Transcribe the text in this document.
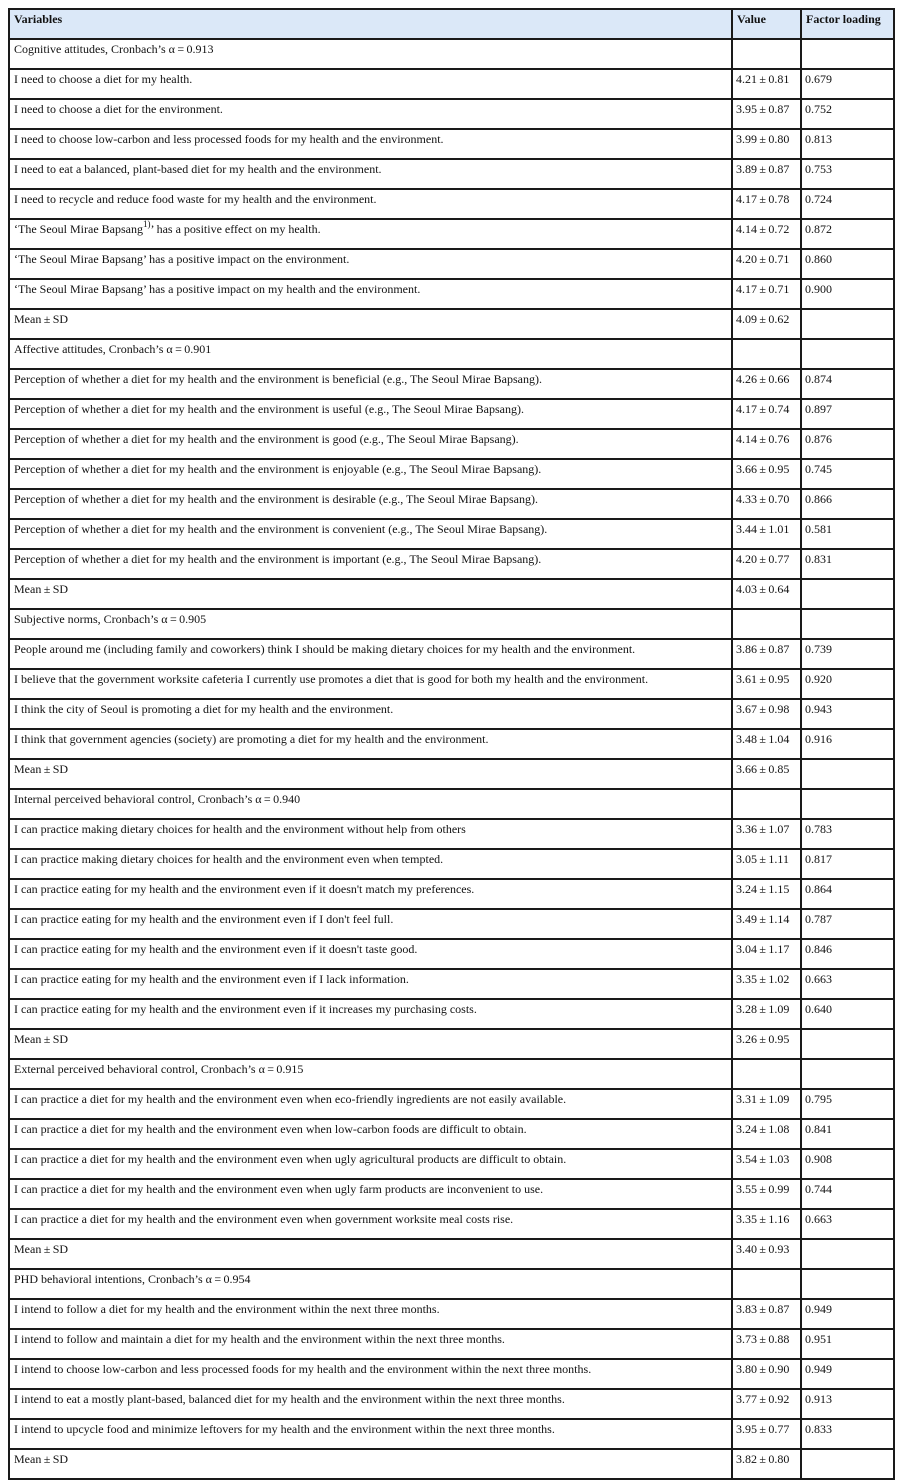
Variables	Value	Factor loading
Cognitive attitudes, Cronbach’s α = 0.913		
I need to choose a diet for my health.	4.21 ± 0.81	0.679
I need to choose a diet for the environment.	3.95 ± 0.87	0.752
I need to choose low-carbon and less processed foods for my health and the environment.	3.99 ± 0.80	0.813
I need to eat a balanced, plant-based diet for my health and the environment.	3.89 ± 0.87	0.753
I need to recycle and reduce food waste for my health and the environment.	4.17 ± 0.78	0.724
‘The Seoul Mirae Bapsang$^{1)}$’ has a positive effect on my health.	4.14 ± 0.72	0.872
‘The Seoul Mirae Bapsang’ has a positive impact on the environment.	4.20 ± 0.71	0.860
‘The Seoul Mirae Bapsang’ has a positive impact on my health and the environment.	4.17 ± 0.71	0.900
Mean ± SD	4.09 ± 0.62	
Affective attitudes, Cronbach’s α = 0.901		
Perception of whether a diet for my health and the environment is beneficial (e.g., The Seoul Mirae Bapsang).	4.26 ± 0.66	0.874
Perception of whether a diet for my health and the environment is useful (e.g., The Seoul Mirae Bapsang).	4.17 ± 0.74	0.897
Perception of whether a diet for my health and the environment is good (e.g., The Seoul Mirae Bapsang).	4.14 ± 0.76	0.876
Perception of whether a diet for my health and the environment is enjoyable (e.g., The Seoul Mirae Bapsang).	3.66 ± 0.95	0.745
Perception of whether a diet for my health and the environment is desirable (e.g., The Seoul Mirae Bapsang).	4.33 ± 0.70	0.866
Perception of whether a diet for my health and the environment is convenient (e.g., The Seoul Mirae Bapsang).	3.44 ± 1.01	0.581
Perception of whether a diet for my health and the environment is important (e.g., The Seoul Mirae Bapsang).	4.20 ± 0.77	0.831
Mean ± SD	4.03 ± 0.64	
Subjective norms, Cronbach’s α = 0.905		
People around me (including family and coworkers) think I should be making dietary choices for my health and the environment.	3.86 ± 0.87	0.739
I believe that the government worksite cafeteria I currently use promotes a diet that is good for both my health and the environment.	3.61 ± 0.95	0.920
I think the city of Seoul is promoting a diet for my health and the environment.	3.67 ± 0.98	0.943
I think that government agencies (society) are promoting a diet for my health and the environment.	3.48 ± 1.04	0.916
Mean ± SD	3.66 ± 0.85	
Internal perceived behavioral control, Cronbach’s α = 0.940		
I can practice making dietary choices for health and the environment without help from others	3.36 ± 1.07	0.783
I can practice making dietary choices for health and the environment even when tempted.	3.05 ± 1.11	0.817
I can practice eating for my health and the environment even if it doesn't match my preferences.	3.24 ± 1.15	0.864
I can practice eating for my health and the environment even if I don't feel full.	3.49 ± 1.14	0.787
I can practice eating for my health and the environment even if it doesn't taste good.	3.04 ± 1.17	0.846
I can practice eating for my health and the environment even if I lack information.	3.35 ± 1.02	0.663
I can practice eating for my health and the environment even if it increases my purchasing costs.	3.28 ± 1.09	0.640
Mean ± SD	3.26 ± 0.95	
External perceived behavioral control, Cronbach’s α = 0.915		
I can practice a diet for my health and the environment even when eco-friendly ingredients are not easily available.	3.31 ± 1.09	0.795
I can practice a diet for my health and the environment even when low-carbon foods are difficult to obtain.	3.24 ± 1.08	0.841
I can practice a diet for my health and the environment even when ugly agricultural products are difficult to obtain.	3.54 ± 1.03	0.908
I can practice a diet for my health and the environment even when ugly farm products are inconvenient to use.	3.55 ± 0.99	0.744
I can practice a diet for my health and the environment even when government worksite meal costs rise.	3.35 ± 1.16	0.663
Mean ± SD	3.40 ± 0.93	
PHD behavioral intentions, Cronbach’s α = 0.954		
I intend to follow a diet for my health and the environment within the next three months.	3.83 ± 0.87	0.949
I intend to follow and maintain a diet for my health and the environment within the next three months.	3.73 ± 0.88	0.951
I intend to choose low-carbon and less processed foods for my health and the environment within the next three months.	3.80 ± 0.90	0.949
I intend to eat a mostly plant-based, balanced diet for my health and the environment within the next three months.	3.77 ± 0.92	0.913
I intend to upcycle food and minimize leftovers for my health and the environment within the next three months.	3.95 ± 0.77	0.833
Mean ± SD	3.82 ± 0.80	
